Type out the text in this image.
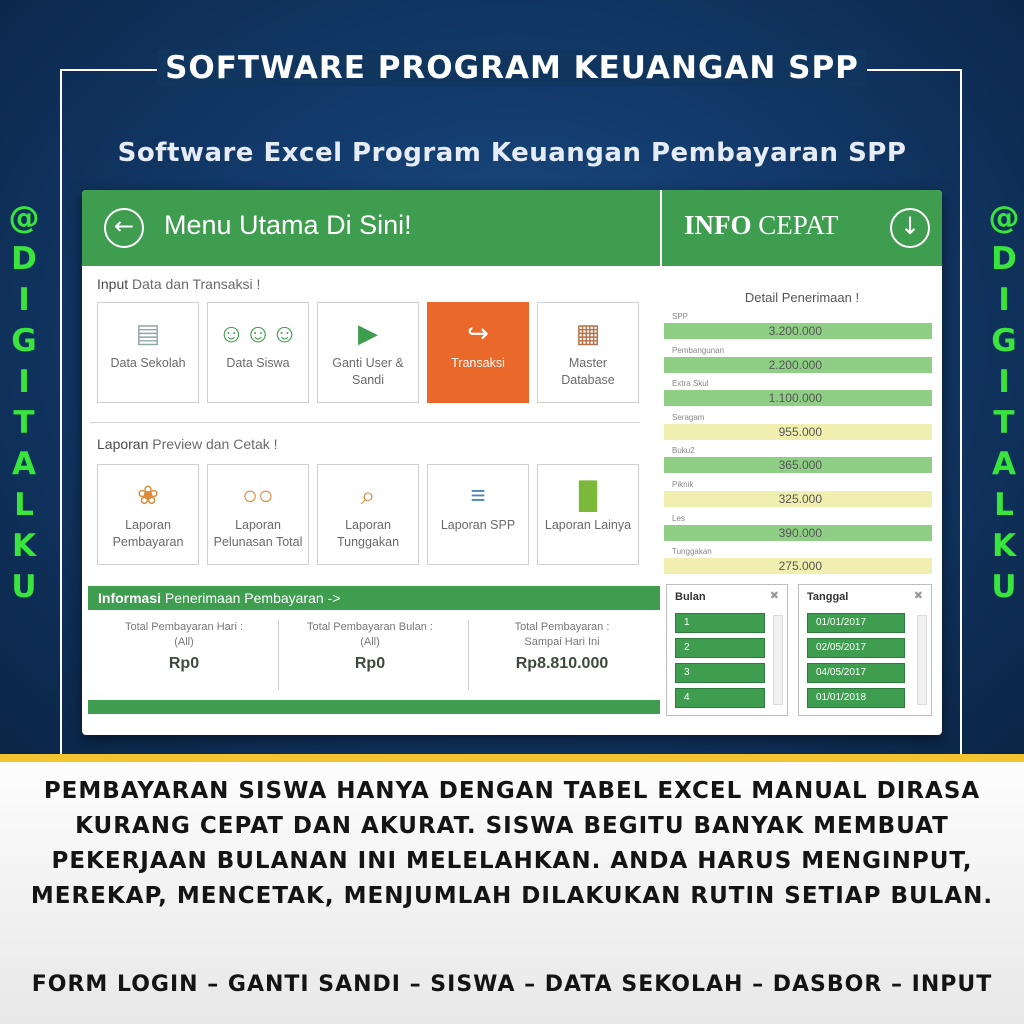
SOFTWARE PROGRAM KEUANGAN SPP
Software Excel Program Keuangan Pembayaran SPP
@
D
I
G
I
T
A
L
K
U
@
D
I
G
I
T
A
L
K
U
←	Menu Utama Di Sini!	INFO CEPAT	↓
Input Data dan Transaksi !
▤
Data Sekolah
☺☺☺
Data Siswa
▶
Ganti User & Sandi
↪
Transaksi
▦
Master Database
Laporan Preview dan Cetak !
❀
Laporan Pembayaran
○○
Laporan Pelunasan Total
⌕
Laporan Tunggakan
≡
Laporan SPP
▐▌
Laporan Lainya
Informasi Penerimaan Pembayaran ->
Total Pembayaran Hari :
(All)
Rp0
Total Pembayaran Bulan :
(All)
Rp0
Total Pembayaran :
Sampai Hari Ini
Rp8.810.000
Detail Penerimaan !
SPP
3.200.000
Pembangunan
2.200.000
Extra Skul
1.100.000
Seragam
955.000
Buku2
365.000
Piknik
325.000
Les
390.000
Tunggakan
275.000
Bulan	✖
1
2
3
4
Tanggal	✖
01/01/2017
02/05/2017
04/05/2017
01/01/2018
PEMBAYARAN SISWA HANYA DENGAN TABEL EXCEL MANUAL DIRASA KURANG CEPAT DAN AKURAT. SISWA BEGITU BANYAK MEMBUAT PEKERJAAN BULANAN INI MELELAHKAN. ANDA HARUS MENGINPUT, MEREKAP, MENCETAK, MENJUMLAH DILAKUKAN RUTIN SETIAP BULAN.
FORM LOGIN – GANTI SANDI – SISWA – DATA SEKOLAH – DASBOR – INPUT
